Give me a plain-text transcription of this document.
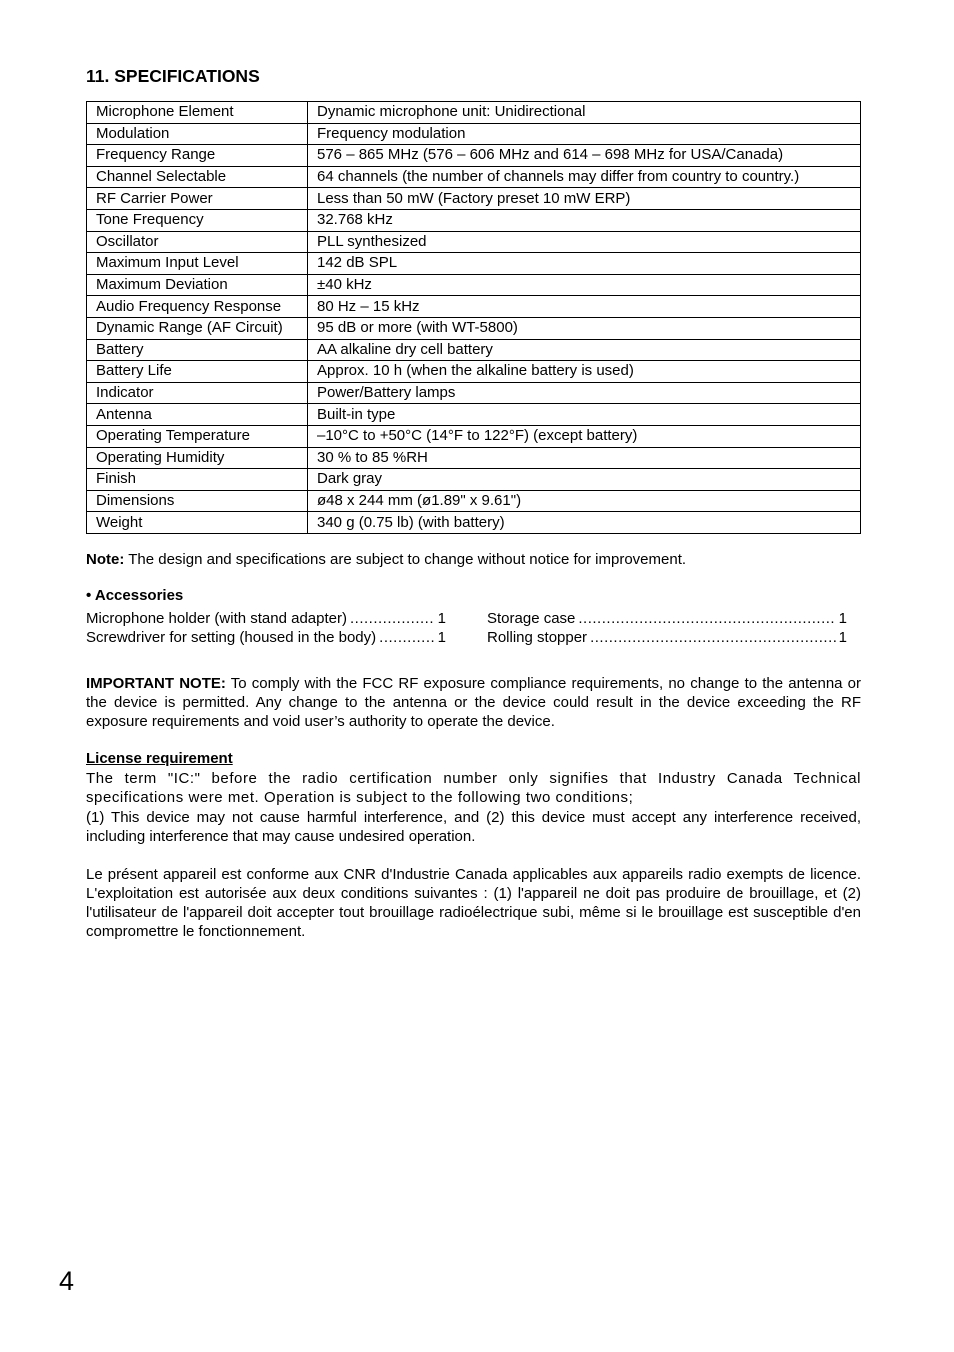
11. SPECIFICATIONS
Microphone Element	Dynamic microphone unit: Unidirectional
Modulation	Frequency modulation
Frequency Range	576 – 865 MHz (576 – 606 MHz and 614 – 698 MHz for USA/Canada)
Channel Selectable	64 channels (the number of channels may differ from country to country.)
RF Carrier Power	Less than 50 mW (Factory preset 10 mW ERP)
Tone Frequency	32.768 kHz
Oscillator	PLL synthesized
Maximum Input Level	142 dB SPL
Maximum Deviation	±40 kHz
Audio Frequency Response	80 Hz – 15 kHz
Dynamic Range (AF Circuit)	95 dB or more (with WT-5800)
Battery	AA alkaline dry cell battery
Battery Life	Approx. 10 h (when the alkaline battery is used)
Indicator	Power/Battery lamps
Antenna	Built-in type
Operating Temperature	–10°C to +50°C (14°F to 122°F) (except battery)
Operating Humidity	30 % to 85 %RH
Finish	Dark gray
Dimensions	ø48 x 244 mm (ø1.89" x 9.61")
Weight	340 g (0.75 lb) (with battery)

Note: The design and specifications are subject to change without notice for improvement.

• Accessories

Microphone holder (with stand adapter) .....	1
Screwdriver for setting (housed in the body) .....	1
Storage case .....	1
Rolling stopper .....	1

IMPORTANT NOTE: To comply with the FCC RF exposure compliance requirements, no change to the antenna or the device is permitted. Any change to the antenna or the device could result in the device exceeding the RF exposure requirements and void user’s authority to operate the device.

License requirement

The term "IC:" before the radio certification number only signifies that Industry Canada Technical specifications were met. Operation is subject to the following two conditions;

(1) This device may not cause harmful interference, and (2) this device must accept any interference received, including interference that may cause undesired operation.

Le présent appareil est conforme aux CNR d'Industrie Canada applicables aux appareils radio exempts de licence. L'exploitation est autorisée aux deux conditions suivantes : (1) l'appareil ne doit pas produire de brouillage, et (2) l'utilisateur de l'appareil doit accepter tout brouillage radioélectrique subi, même si le brouillage est susceptible d'en compromettre le fonctionnement.

4
